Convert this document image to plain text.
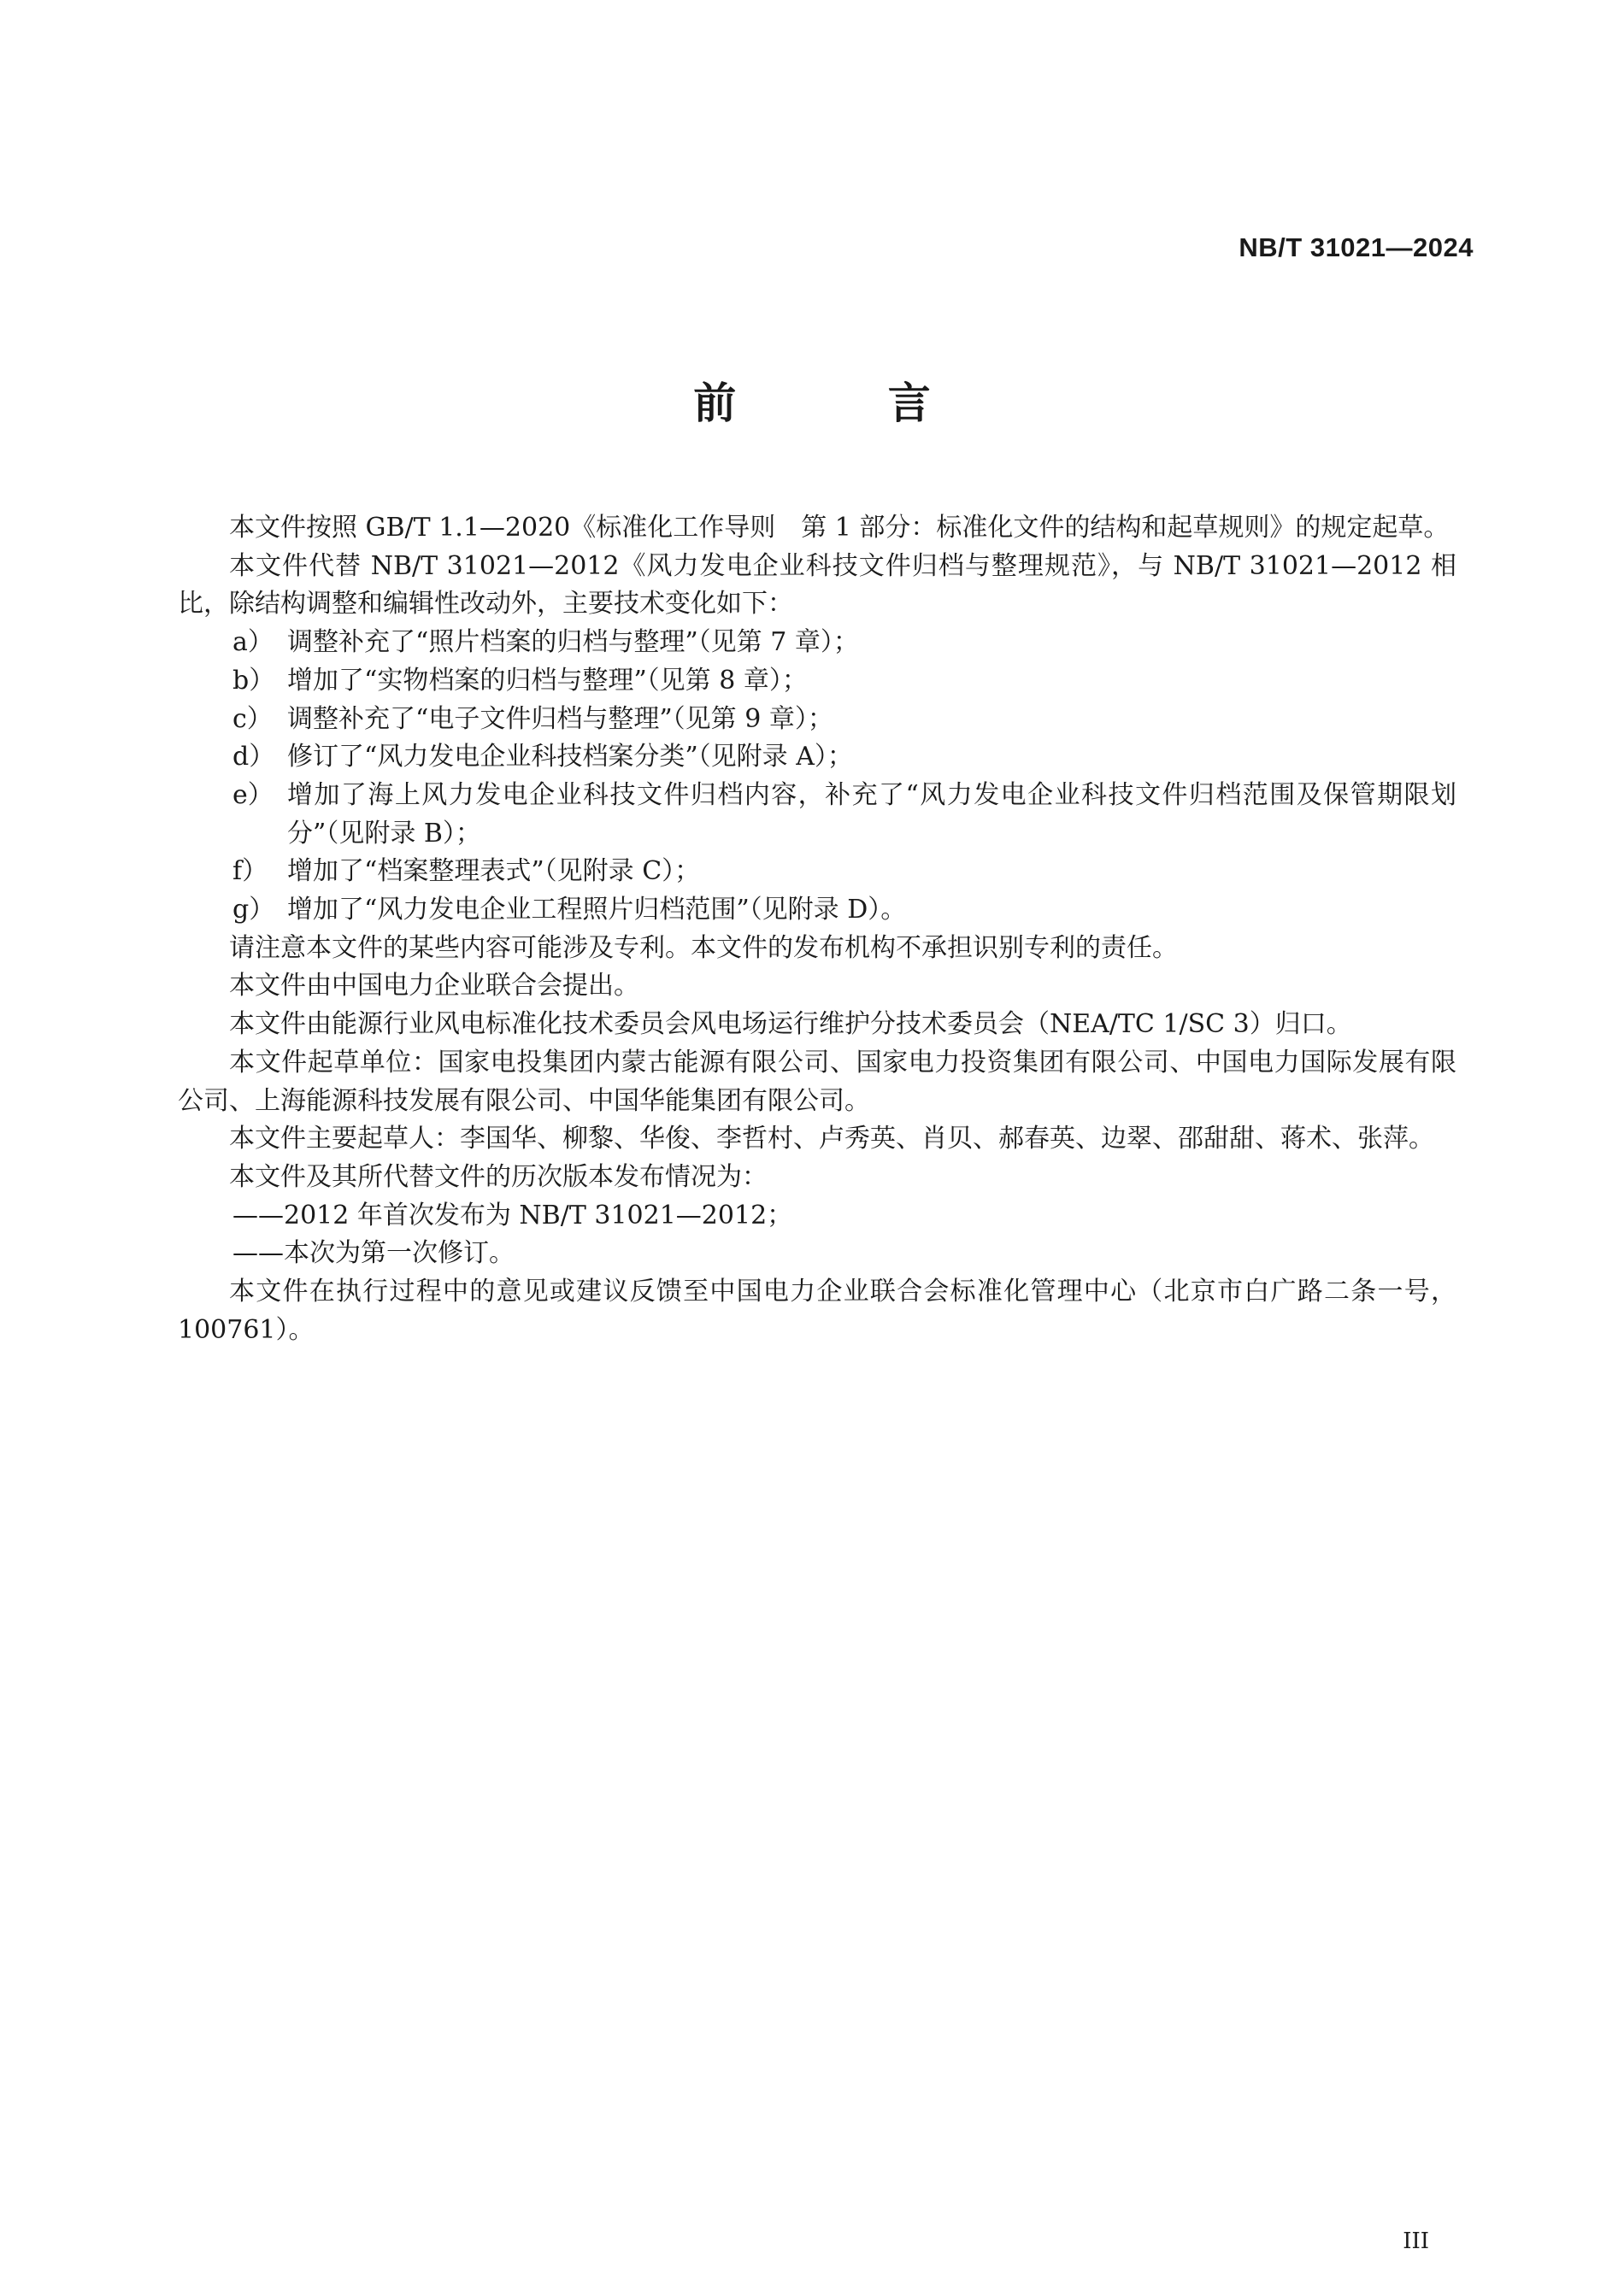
NB/T 31021—2024
前 言

本文件按照 GB/T 1.1—2020《标准化工作导则　第 1 部分：标准化文件的结构和起草规则》的规定起草。

本文件代替 NB/T 31021—2012《风力发电企业科技文件归档与整理规范》，与 NB/T 31021—2012 相比，除结构调整和编辑性改动外，主要技术变化如下：

a） 调整补充了“照片档案的归档与整理”（见第 7 章）；
b） 增加了“实物档案的归档与整理”（见第 8 章）；
c） 调整补充了“电子文件归档与整理”（见第 9 章）；
d） 修订了“风力发电企业科技档案分类”（见附录 A）；
e） 增加了海上风力发电企业科技文件归档内容，补充了“风力发电企业科技文件归档范围及保管期限划分”（见附录 B）；
f） 增加了“档案整理表式”（见附录 C）；
g） 增加了“风力发电企业工程照片归档范围”（见附录 D）。

请注意本文件的某些内容可能涉及专利。本文件的发布机构不承担识别专利的责任。

本文件由中国电力企业联合会提出。

本文件由能源行业风电标准化技术委员会风电场运行维护分技术委员会（NEA/TC 1/SC 3）归口。

本文件起草单位：国家电投集团内蒙古能源有限公司、国家电力投资集团有限公司、中国电力国际发展有限公司、上海能源科技发展有限公司、中国华能集团有限公司。

本文件主要起草人：李国华、柳黎、华俊、李哲村、卢秀英、肖贝、郝春英、边翠、邵甜甜、蒋术、张萍。

本文件及其所代替文件的历次版本发布情况为：

——2012 年首次发布为 NB/T 31021—2012；

——本次为第一次修订。

本文件在执行过程中的意见或建议反馈至中国电力企业联合会标准化管理中心（北京市白广路二条一号，100761）。

III
